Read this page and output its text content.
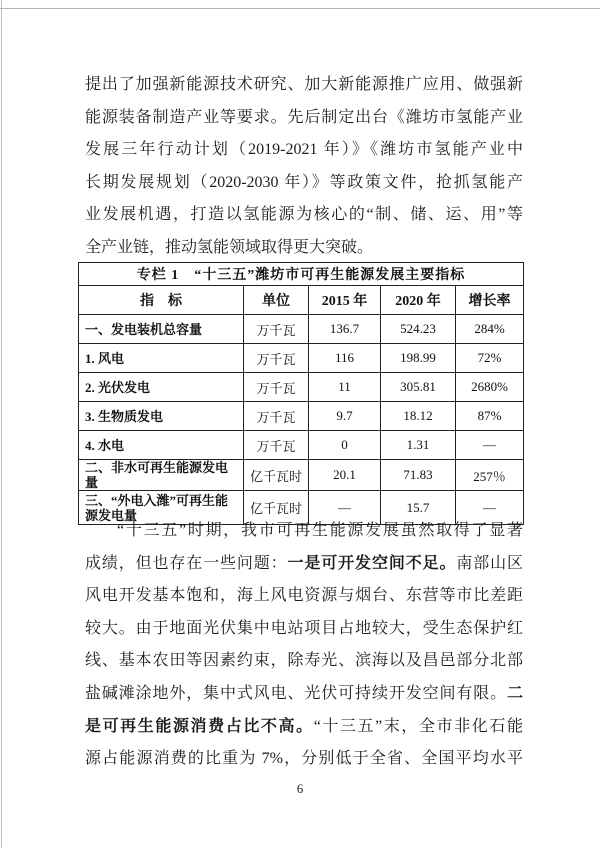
提出了加强新能源技术研究、加大新能源推广应用、做强新
能源装备制造产业等要求。先后制定出台《潍坊市氢能产业
发展三年行动计划（2019-2021 年）》《潍坊市氢能产业中
长期发展规划（2020-2030 年）》等政策文件，抢抓氢能产
业发展机遇，打造以氢能源为核心的“制、储、运、用”等
全产业链，推动氢能领域取得更大突破。
专栏 1　“十三五”潍坊市可再生能源发展主要指标				
指　标	单位	2015 年	2020 年	增长率
一、发电装机总容量	万千瓦	136.7	524.23	284%
1. 风电	万千瓦	116	198.99	72%
2. 光伏发电	万千瓦	11	305.81	2680%
3. 生物质发电	万千瓦	9.7	18.12	87%
4. 水电	万千瓦	0	1.31	—
二、非水可再生能源发电量	亿千瓦时	20.1	71.83	257％
三、“外电入潍”可再生能源发电量	亿千瓦时	—	15.7	—
“十三五”时期，我市可再生能源发展虽然取得了显著
成绩，但也存在一些问题：一是可开发空间不足。南部山区
风电开发基本饱和，海上风电资源与烟台、东营等市比差距
较大。由于地面光伏集中电站项目占地较大，受生态保护红
线、基本农田等因素约束，除寿光、滨海以及昌邑部分北部
盐碱滩涂地外，集中式风电、光伏可持续开发空间有限。二
是可再生能源消费占比不高。“十三五”末，全市非化石能
源占能源消费的比重为 7%，分别低于全省、全国平均水平
6
